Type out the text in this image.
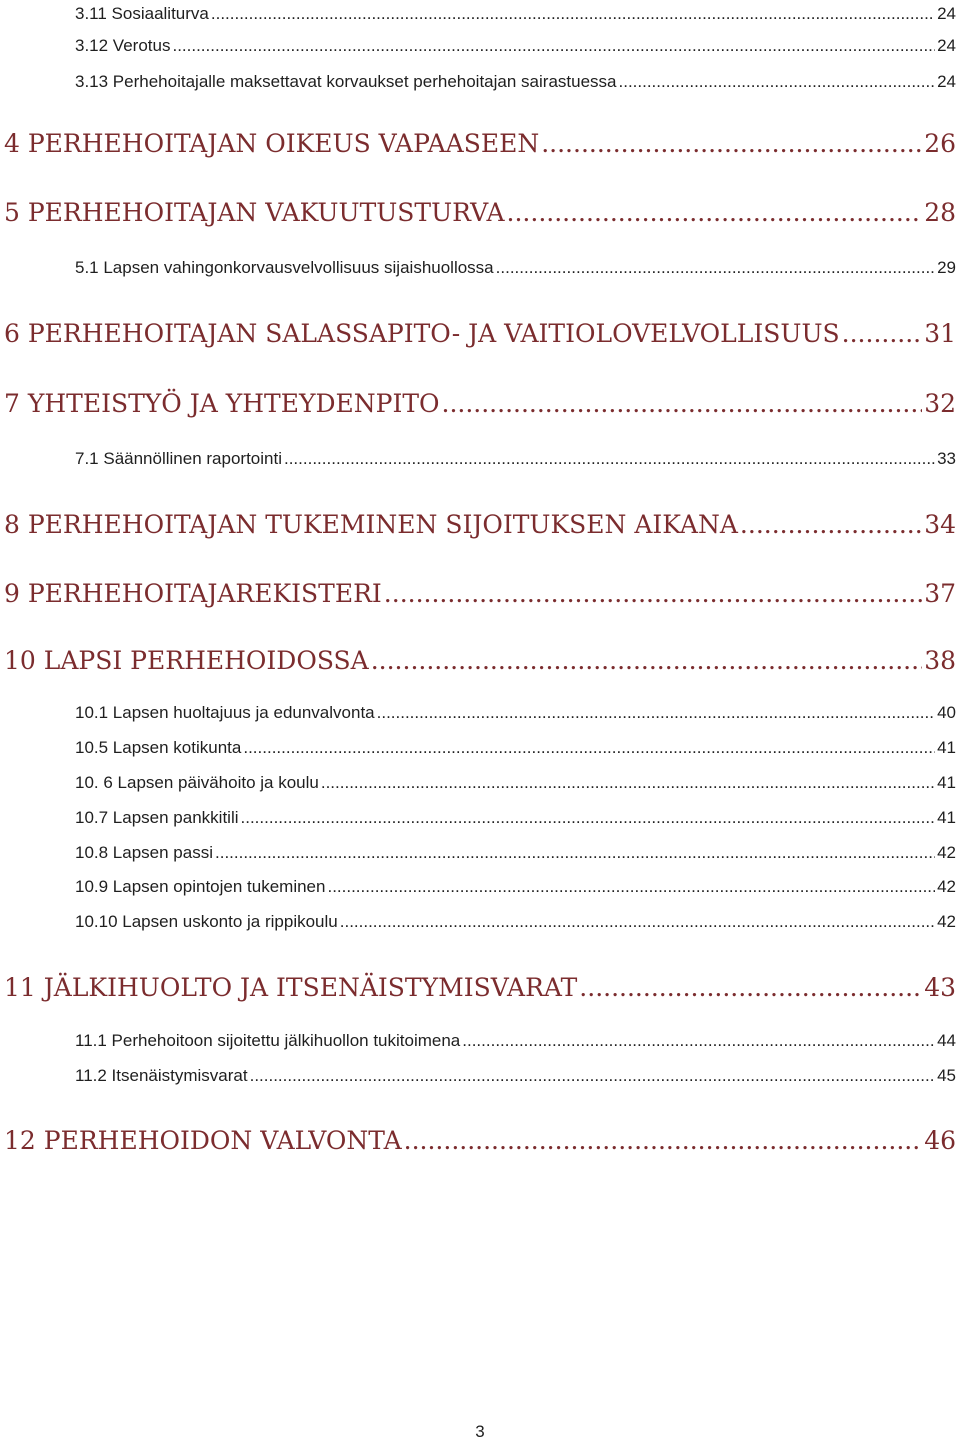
3.11 Sosiaaliturva .....	24
3.12 Verotus .....	24
3.13 Perhehoitajalle maksettavat korvaukset perhehoitajan sairastuessa .....	24
4 PERHEHOITAJAN OIKEUS VAPAASEEN .....	26
5 PERHEHOITAJAN VAKUUTUSTURVA .....	28
5.1 Lapsen vahingonkorvausvelvollisuus sijaishuollossa .....	29
6 PERHEHOITAJAN SALASSAPITO- JA VAITIOLOVELVOLLISUUS .....	31
7 YHTEISTYÖ JA YHTEYDENPITO .....	32
7.1 Säännöllinen raportointi .....	33
8 PERHEHOITAJAN TUKEMINEN SIJOITUKSEN AIKANA .....	34
9 PERHEHOITAJAREKISTERI .....	37
10 LAPSI PERHEHOIDOSSA .....	38
10.1 Lapsen huoltajuus ja edunvalvonta .....	40
10.5 Lapsen kotikunta .....	41
10. 6 Lapsen päivähoito ja koulu .....	41
10.7 Lapsen pankkitili .....	41
10.8 Lapsen passi .....	42
10.9 Lapsen opintojen tukeminen .....	42
10.10 Lapsen uskonto ja rippikoulu .....	42
11 JÄLKIHUOLTO JA ITSENÄISTYMISVARAT .....	43
11.1 Perhehoitoon sijoitettu jälkihuollon tukitoimena .....	44
11.2 Itsenäistymisvarat .....	45
12 PERHEHOIDON VALVONTA .....	46
3
